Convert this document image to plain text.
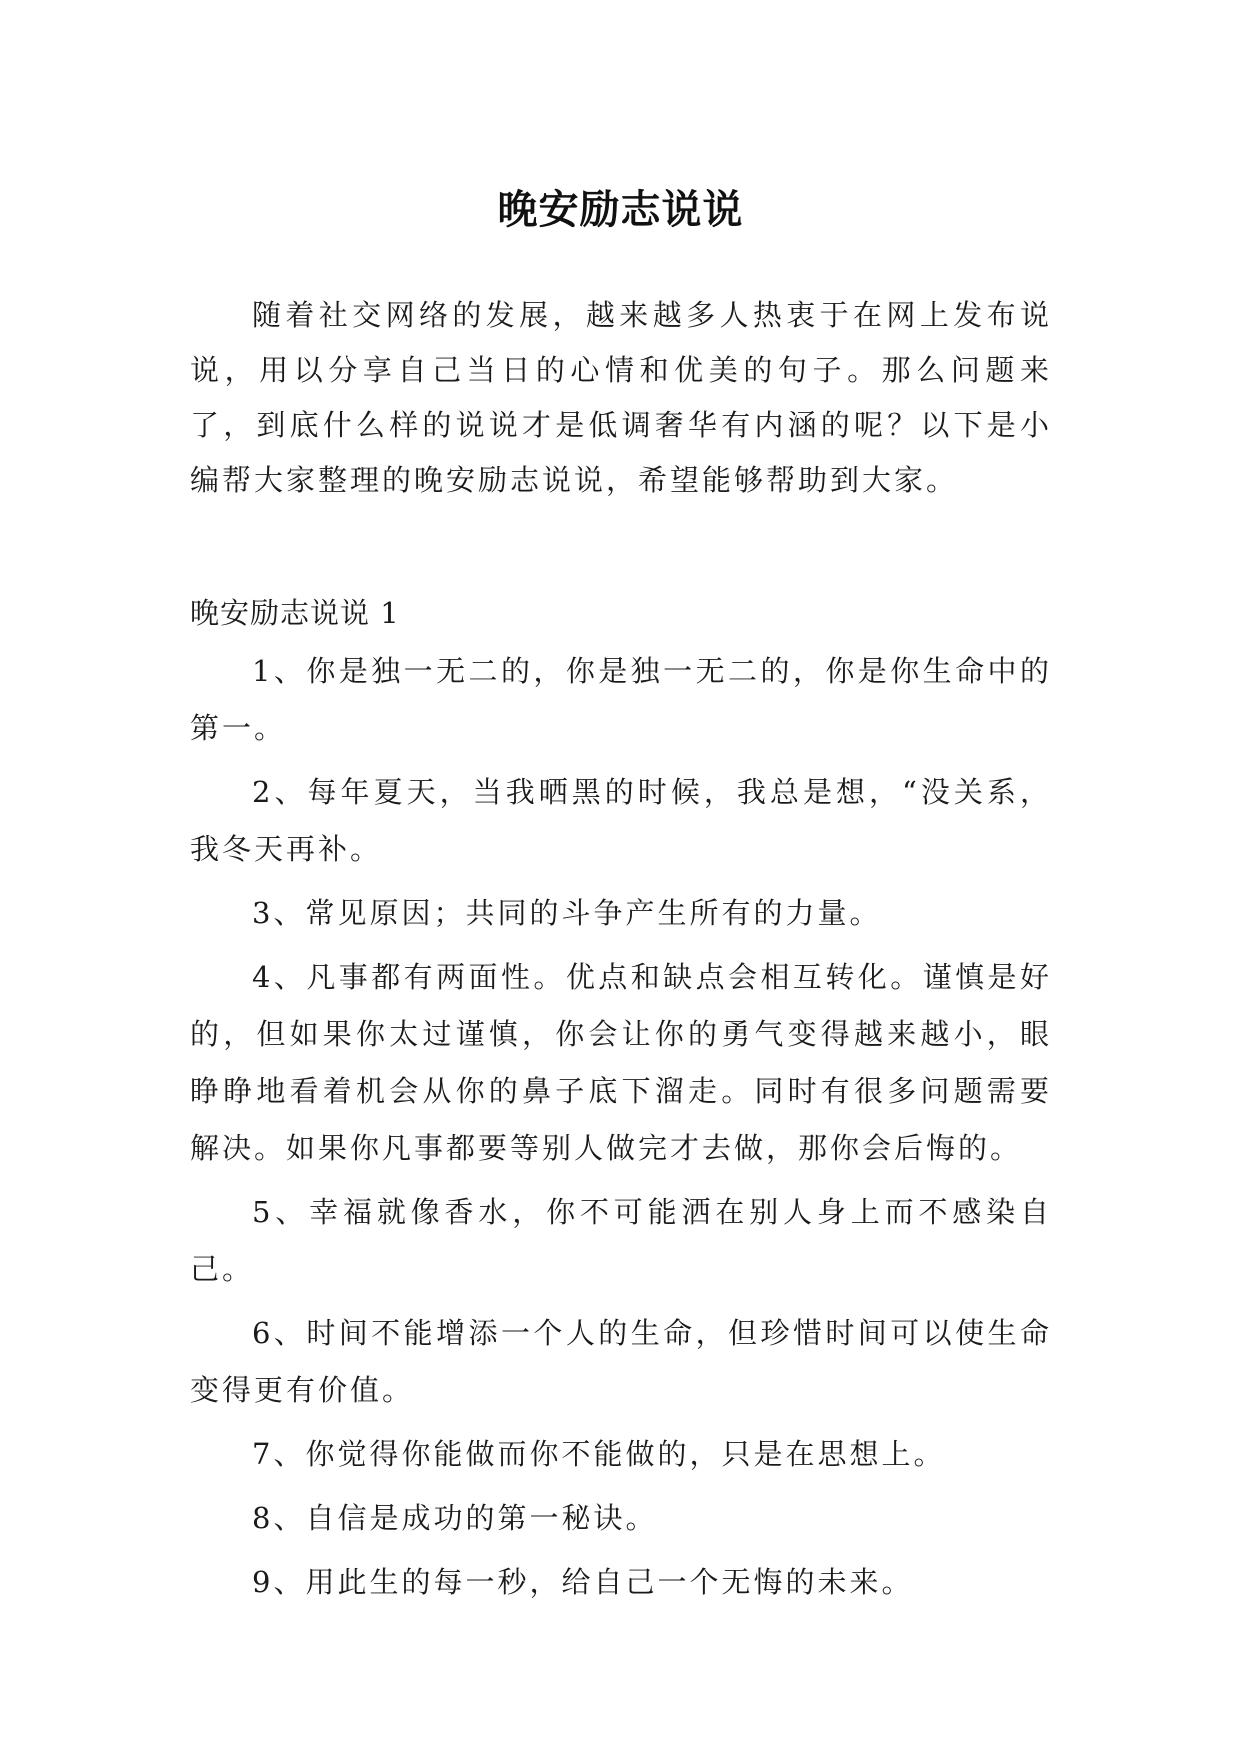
晚安励志说说

随着社交网络的发展，越来越多人热衷于在网上发布说说，用以分享自己当日的心情和优美的句子。那么问题来了，到底什么样的说说才是低调奢华有内涵的呢？以下是小编帮大家整理的晚安励志说说，希望能够帮助到大家。

晚安励志说说 1

1、你是独一无二的，你是独一无二的，你是你生命中的第一。

2、每年夏天，当我晒黑的时候，我总是想，“没关系，我冬天再补。

3、常见原因；共同的斗争产生所有的力量。

4、凡事都有两面性。优点和缺点会相互转化。谨慎是好的，但如果你太过谨慎，你会让你的勇气变得越来越小，眼睁睁地看着机会从你的鼻子底下溜走。同时有很多问题需要解决。如果你凡事都要等别人做完才去做，那你会后悔的。

5、幸福就像香水，你不可能洒在别人身上而不感染自己。

6、时间不能增添一个人的生命，但珍惜时间可以使生命变得更有价值。

7、你觉得你能做而你不能做的，只是在思想上。

8、自信是成功的第一秘诀。

9、用此生的每一秒，给自己一个无悔的未来。
